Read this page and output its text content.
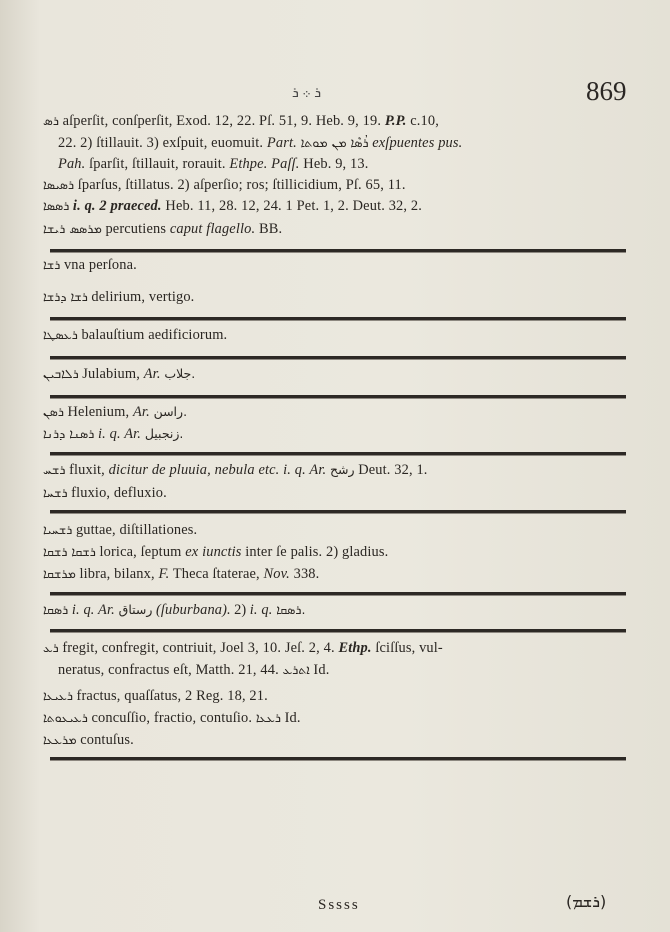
ܪ ܀ ܪ	869
ܪܣ aſperſit, conſperſit, Exod. 12, 22. Pſ. 51, 9. Heb. 9, 19. P.P. c.10,
22. 2) ſtillauit. 3) exſpuit, euomuit. Part. ܪܳܣܶܐ ܡܢ ܡܘܬܐ exſpuentes pus.
Pah. ſparſit, ſtillauit, rorauit. Ethpe. Paſſ. Heb. 9, 13.
ܪܣܝܣܐ ſparſus, ſtillatus. 2) aſperſio; ros; ſtillicidium, Pſ. 65, 11.
ܪܣܣܐ i. q. 2 praeced. Heb. 11, 28. 12, 24. 1 Pet. 1, 2. Deut. 32, 2.
ܡܪܣܣ ܪܝܫܐ percutiens caput flagello. BB.
ܪܫܐ vna perſona.
ܪܫܐ ܕܪܫܐ delirium, vertigo.
ܪܥܣܛܐ balauſtium aedificiorum.
ܪܠܐܒܝܢ Julabium, Ar. جلاب.
ܪܣܢ Helenium, Ar. راسن.
ܪܣܢܐ ܕܪܢܐ i. q. Ar. زنجبيل.
ܪܫܚ fluxit, dicitur de pluuia, nebula etc. i. q. Ar. رشح Deut. 32, 1.
ܪܫܚܐ fluxio, defluxio.
ܪܫܚܝܐ guttae, diſtillationes.
ܪܫܩܐ ܪܫܩܐ lorica, ſeptum ex iunctis inter ſe palis. 2) gladius.
ܡܪܫܩܐ libra, bilanx, F. Theca ſtaterae, Nov. 338.
ܪܣܩܐ i. q. Ar. رستاق (ſuburbana). 2) i. q. ܪܣܩܐ.
ܪܥ fregit, confregit, contriuit, Joel 3, 10. Jeſ. 2, 4. Ethp. ſciſſus, vul-
neratus, confractus eſt, Matth. 21, 44. ܐܬܪܥ Id.
ܪܥܝܥܐ fractus, quaſſatus, 2 Reg. 18, 21.
ܪܥܝܥܘܬܐ concuſſio, fractio, contuſio. ܪܥܥܐ Id.
ܡܪܥܥܐ contuſus.
Sssss	(ܪܫܡ)
